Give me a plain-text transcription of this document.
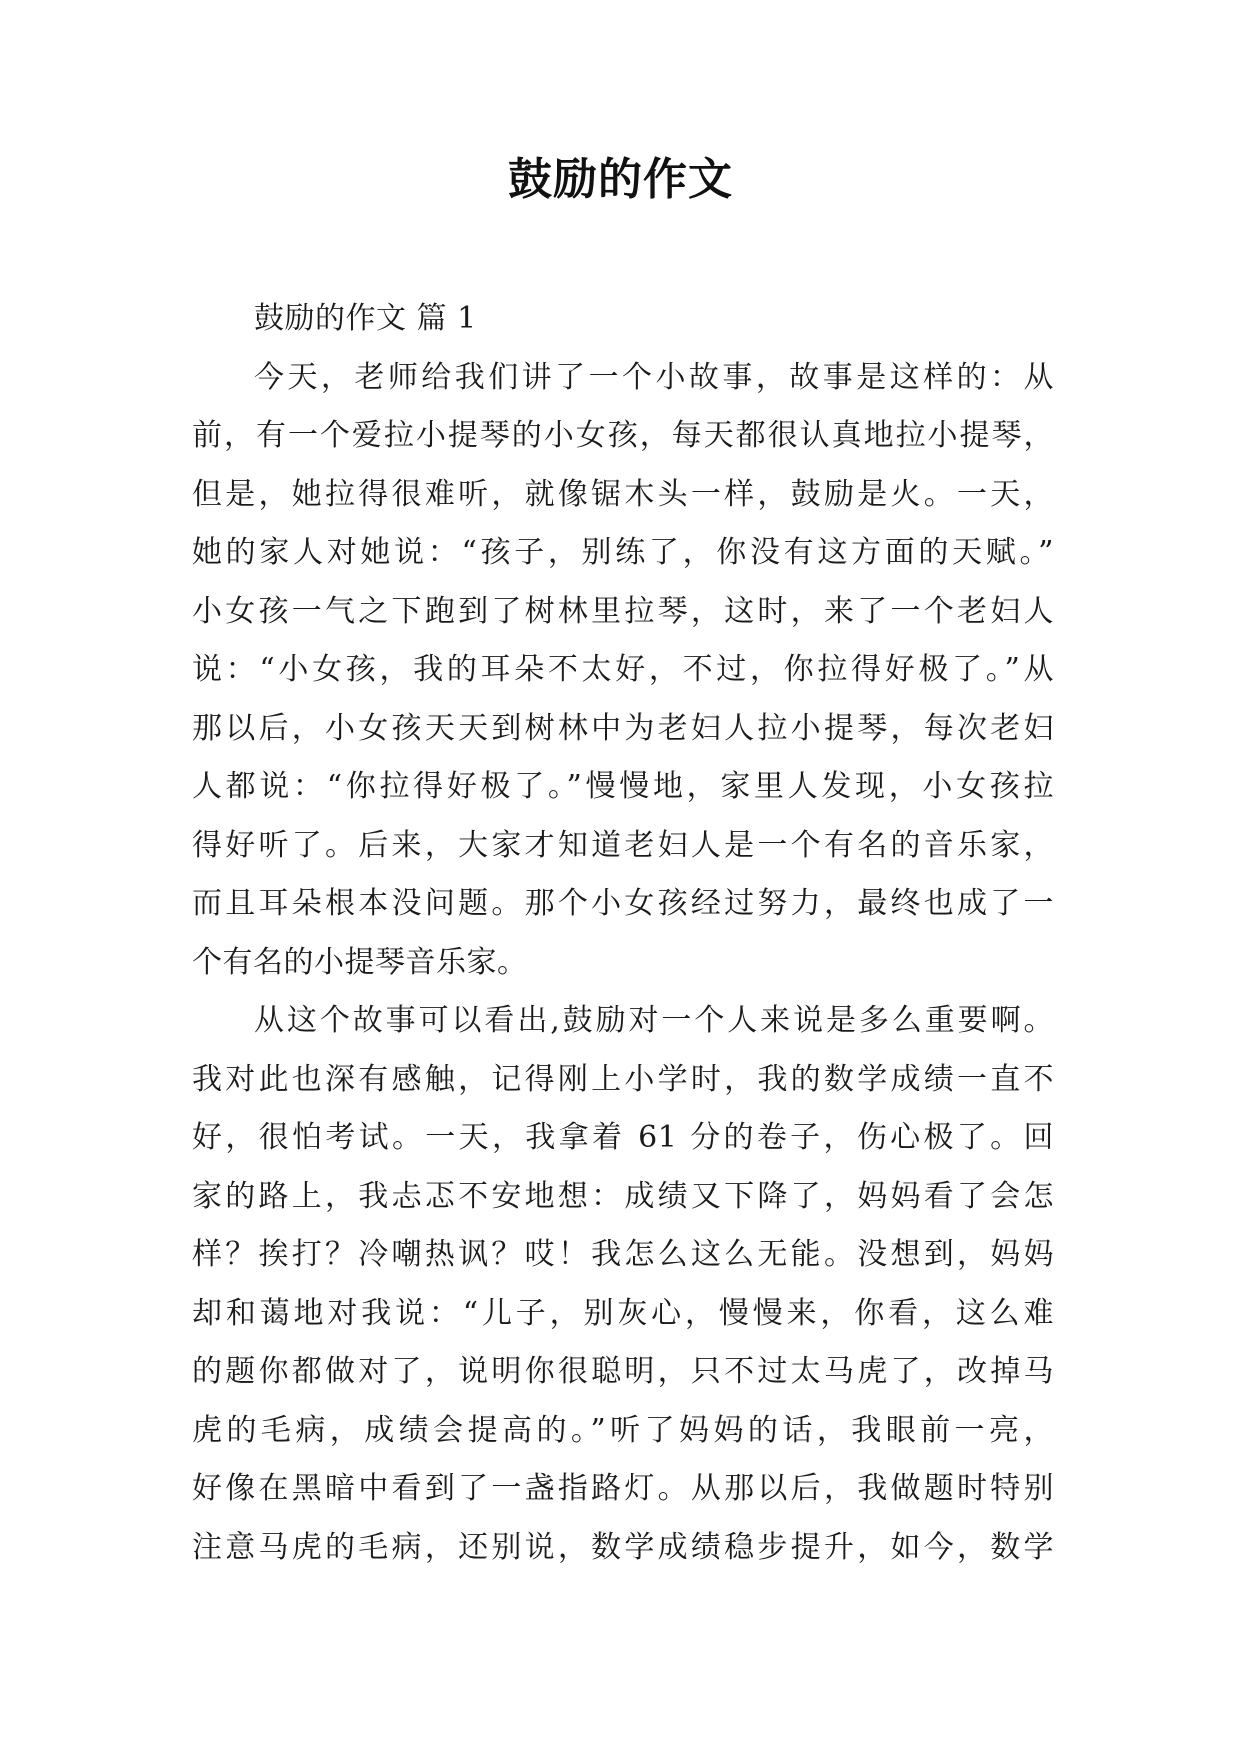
鼓励的作文
鼓励的作文 篇 1
今天，老师给我们讲了一个小故事，故事是这样的：从
前，有一个爱拉小提琴的小女孩，每天都很认真地拉小提琴，
但是，她拉得很难听，就像锯木头一样，鼓励是火。一天，
她的家人对她说：“孩子，别练了，你没有这方面的天赋。”
小女孩一气之下跑到了树林里拉琴，这时，来了一个老妇人
说：“小女孩，我的耳朵不太好，不过，你拉得好极了。”从
那以后，小女孩天天到树林中为老妇人拉小提琴，每次老妇
人都说：“你拉得好极了。”慢慢地，家里人发现，小女孩拉
得好听了。后来，大家才知道老妇人是一个有名的音乐家，
而且耳朵根本没问题。那个小女孩经过努力，最终也成了一
个有名的小提琴音乐家。
从这个故事可以看出,鼓励对一个人来说是多么重要啊。
我对此也深有感触，记得刚上小学时，我的数学成绩一直不
好，很怕考试。一天，我拿着 61 分的卷子，伤心极了。回
家的路上，我忐忑不安地想：成绩又下降了，妈妈看了会怎
样？挨打？冷嘲热讽？哎！我怎么这么无能。没想到，妈妈
却和蔼地对我说：“儿子，别灰心，慢慢来，你看，这么难
的题你都做对了，说明你很聪明，只不过太马虎了，改掉马
虎的毛病，成绩会提高的。”听了妈妈的话，我眼前一亮，
好像在黑暗中看到了一盏指路灯。从那以后，我做题时特别
注意马虎的毛病，还别说，数学成绩稳步提升，如今，数学
